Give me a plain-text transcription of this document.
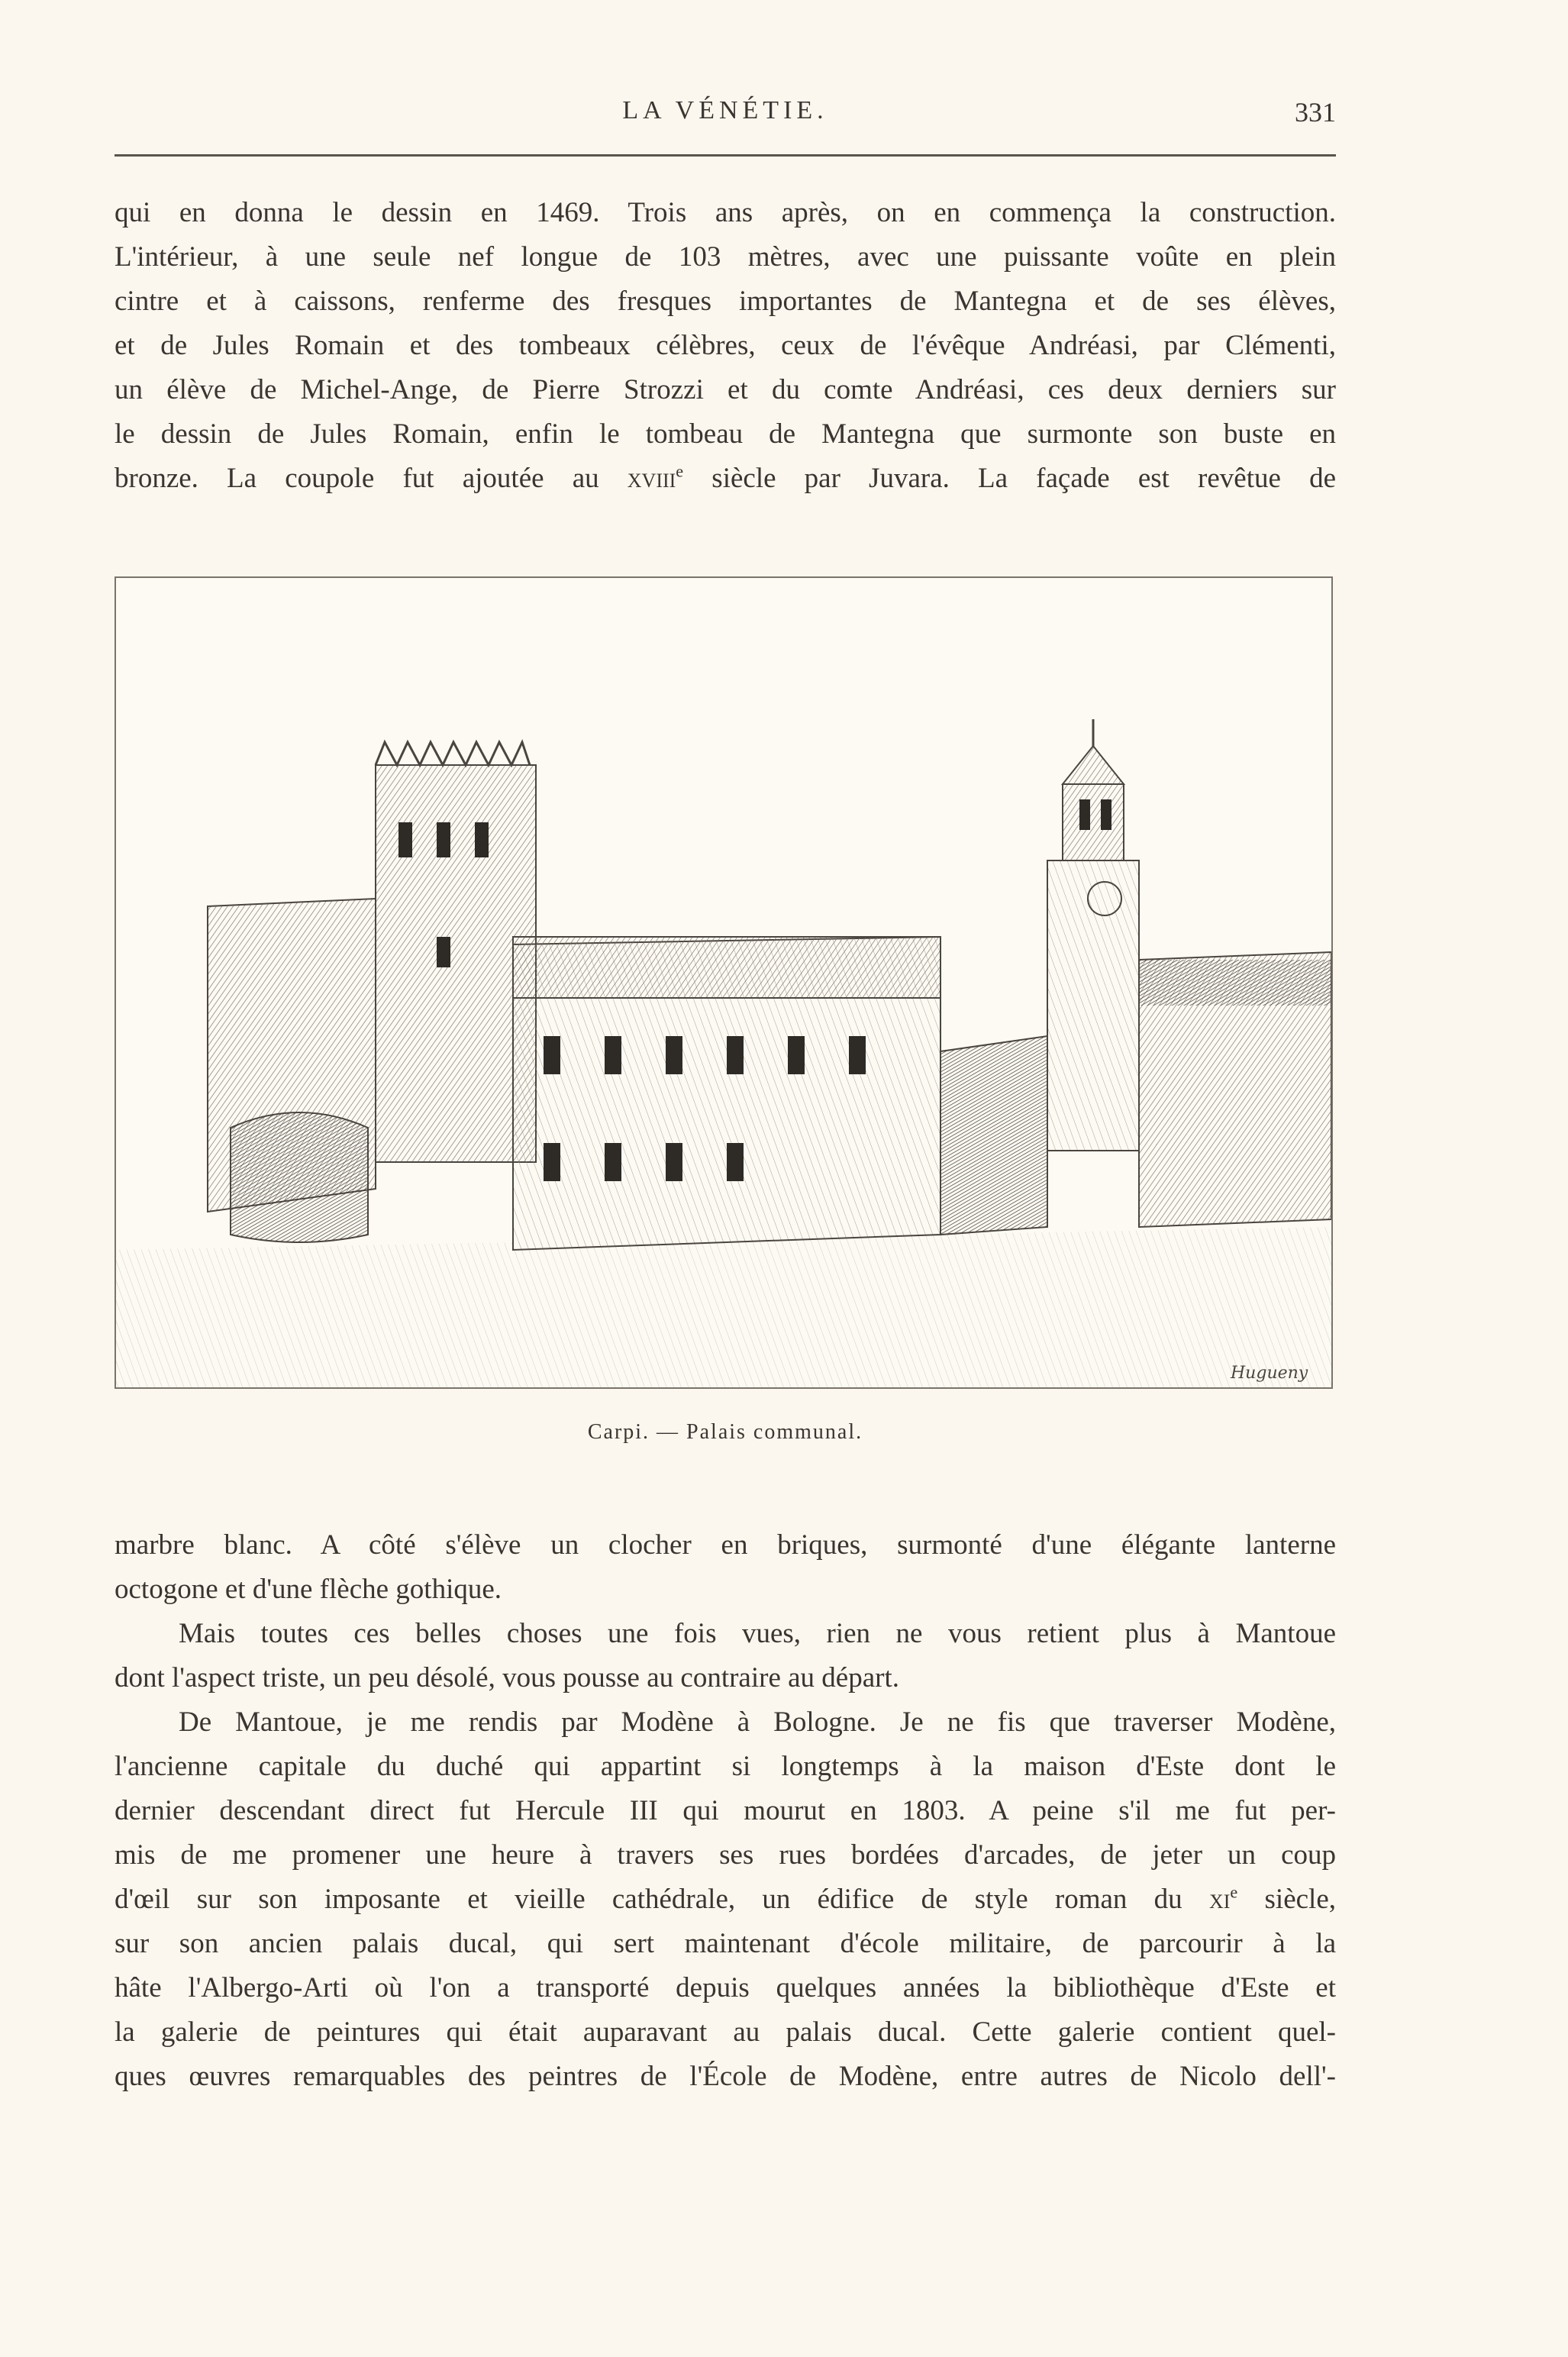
LA VÉNÉTIE.	331
qui en donna le dessin en 1469. Trois ans après, on en commença la construction.
L'intérieur, à une seule nef longue de 103 mètres, avec une puissante voûte en plein
cintre et à caissons, renferme des fresques importantes de Mantegna et de ses élèves,
et de Jules Romain et des tombeaux célèbres, ceux de l'évêque Andréasi, par Clémenti,
un élève de Michel-Ange, de Pierre Strozzi et du comte Andréasi, ces deux derniers sur
le dessin de Jules Romain, enfin le tombeau de Mantegna que surmonte son buste en
bronze. La coupole fut ajoutée au xviii$^e$ siècle par Juvara. La façade est revêtue de
Hugueny
Carpi. — Palais communal.
marbre blanc. A côté s'élève un clocher en briques, surmonté d'une élégante lanterne
octogone et d'une flèche gothique.
Mais toutes ces belles choses une fois vues, rien ne vous retient plus à Mantoue
dont l'aspect triste, un peu désolé, vous pousse au contraire au départ.
De Mantoue, je me rendis par Modène à Bologne. Je ne fis que traverser Modène,
l'ancienne capitale du duché qui appartint si longtemps à la maison d'Este dont le
dernier descendant direct fut Hercule III qui mourut en 1803. A peine s'il me fut per-
mis de me promener une heure à travers ses rues bordées d'arcades, de jeter un coup
d'œil sur son imposante et vieille cathédrale, un édifice de style roman du $xi^e$ siècle,
sur son ancien palais ducal, qui sert maintenant d'école militaire, de parcourir à la
hâte l'Albergo-Arti où l'on a transporté depuis quelques années la bibliothèque d'Este et
la galerie de peintures qui était auparavant au palais ducal. Cette galerie contient quel-
ques œuvres remarquables des peintres de l'École de Modène, entre autres de Nicolo dell'-
